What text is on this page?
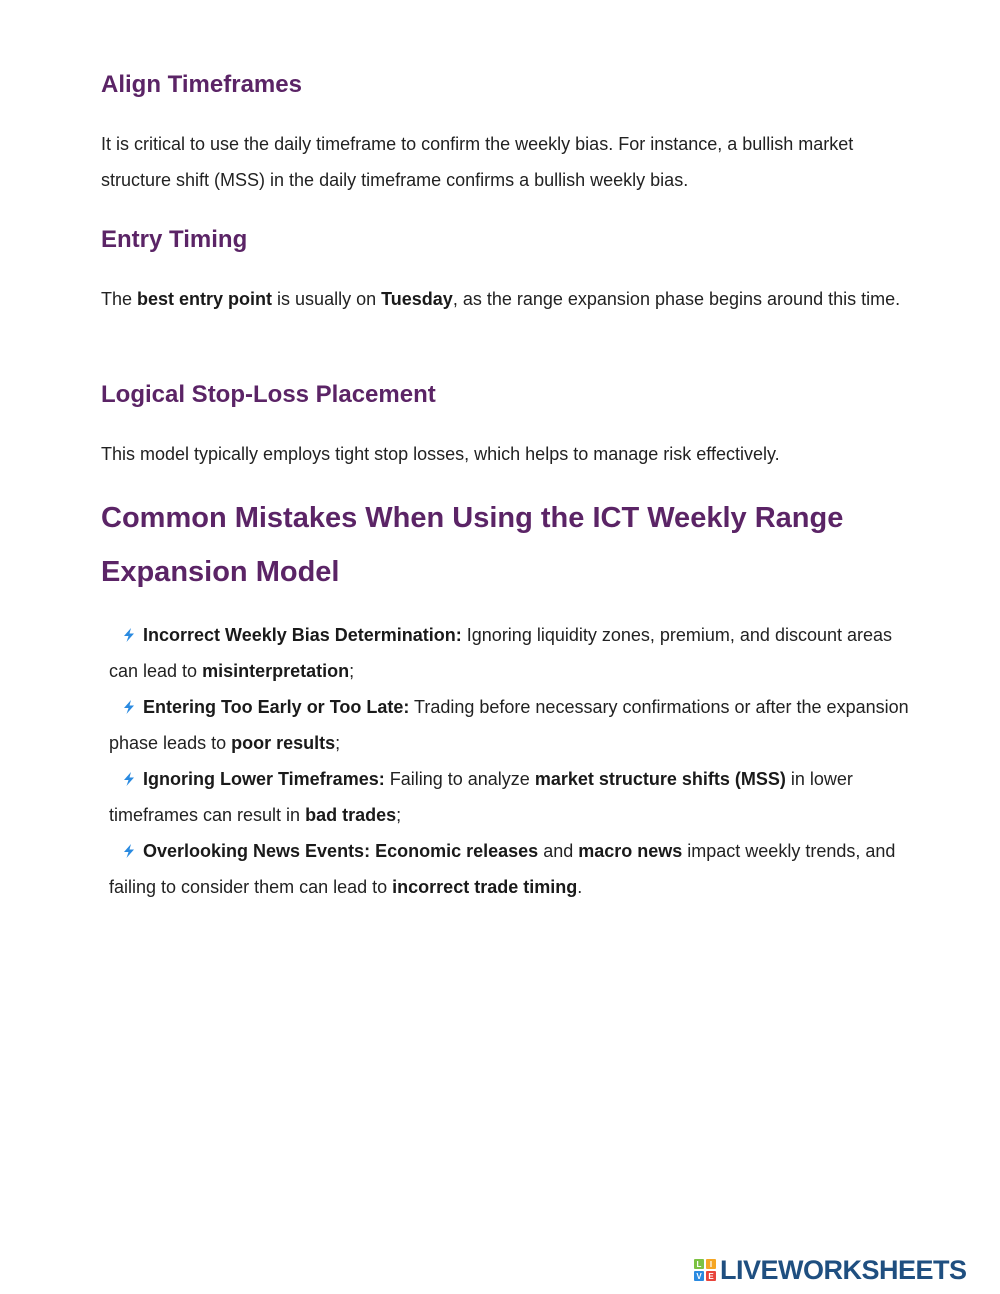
Align Timeframes

It is critical to use the daily timeframe to confirm the weekly bias. For instance, a bullish market structure shift (MSS) in the daily timeframe confirms a bullish weekly bias.

Entry Timing

The best entry point is usually on Tuesday, as the range expansion phase begins around this time.

Logical Stop-Loss Placement

This model typically employs tight stop losses, which helps to manage risk effectively.

Common Mistakes When Using the ICT Weekly Range Expansion Model
Incorrect Weekly Bias Determination: Ignoring liquidity zones, premium, and discount areas can lead to misinterpretation;
Entering Too Early or Too Late: Trading before necessary confirmations or after the expansion phase leads to poor results;
Ignoring Lower Timeframes: Failing to analyze market structure shifts (MSS) in lower timeframes can result in bad trades;
Overlooking News Events: Economic releases and macro news impact weekly trends, and failing to consider them can lead to incorrect trade timing.
L	I
V E LIVEWORKSHEETS
